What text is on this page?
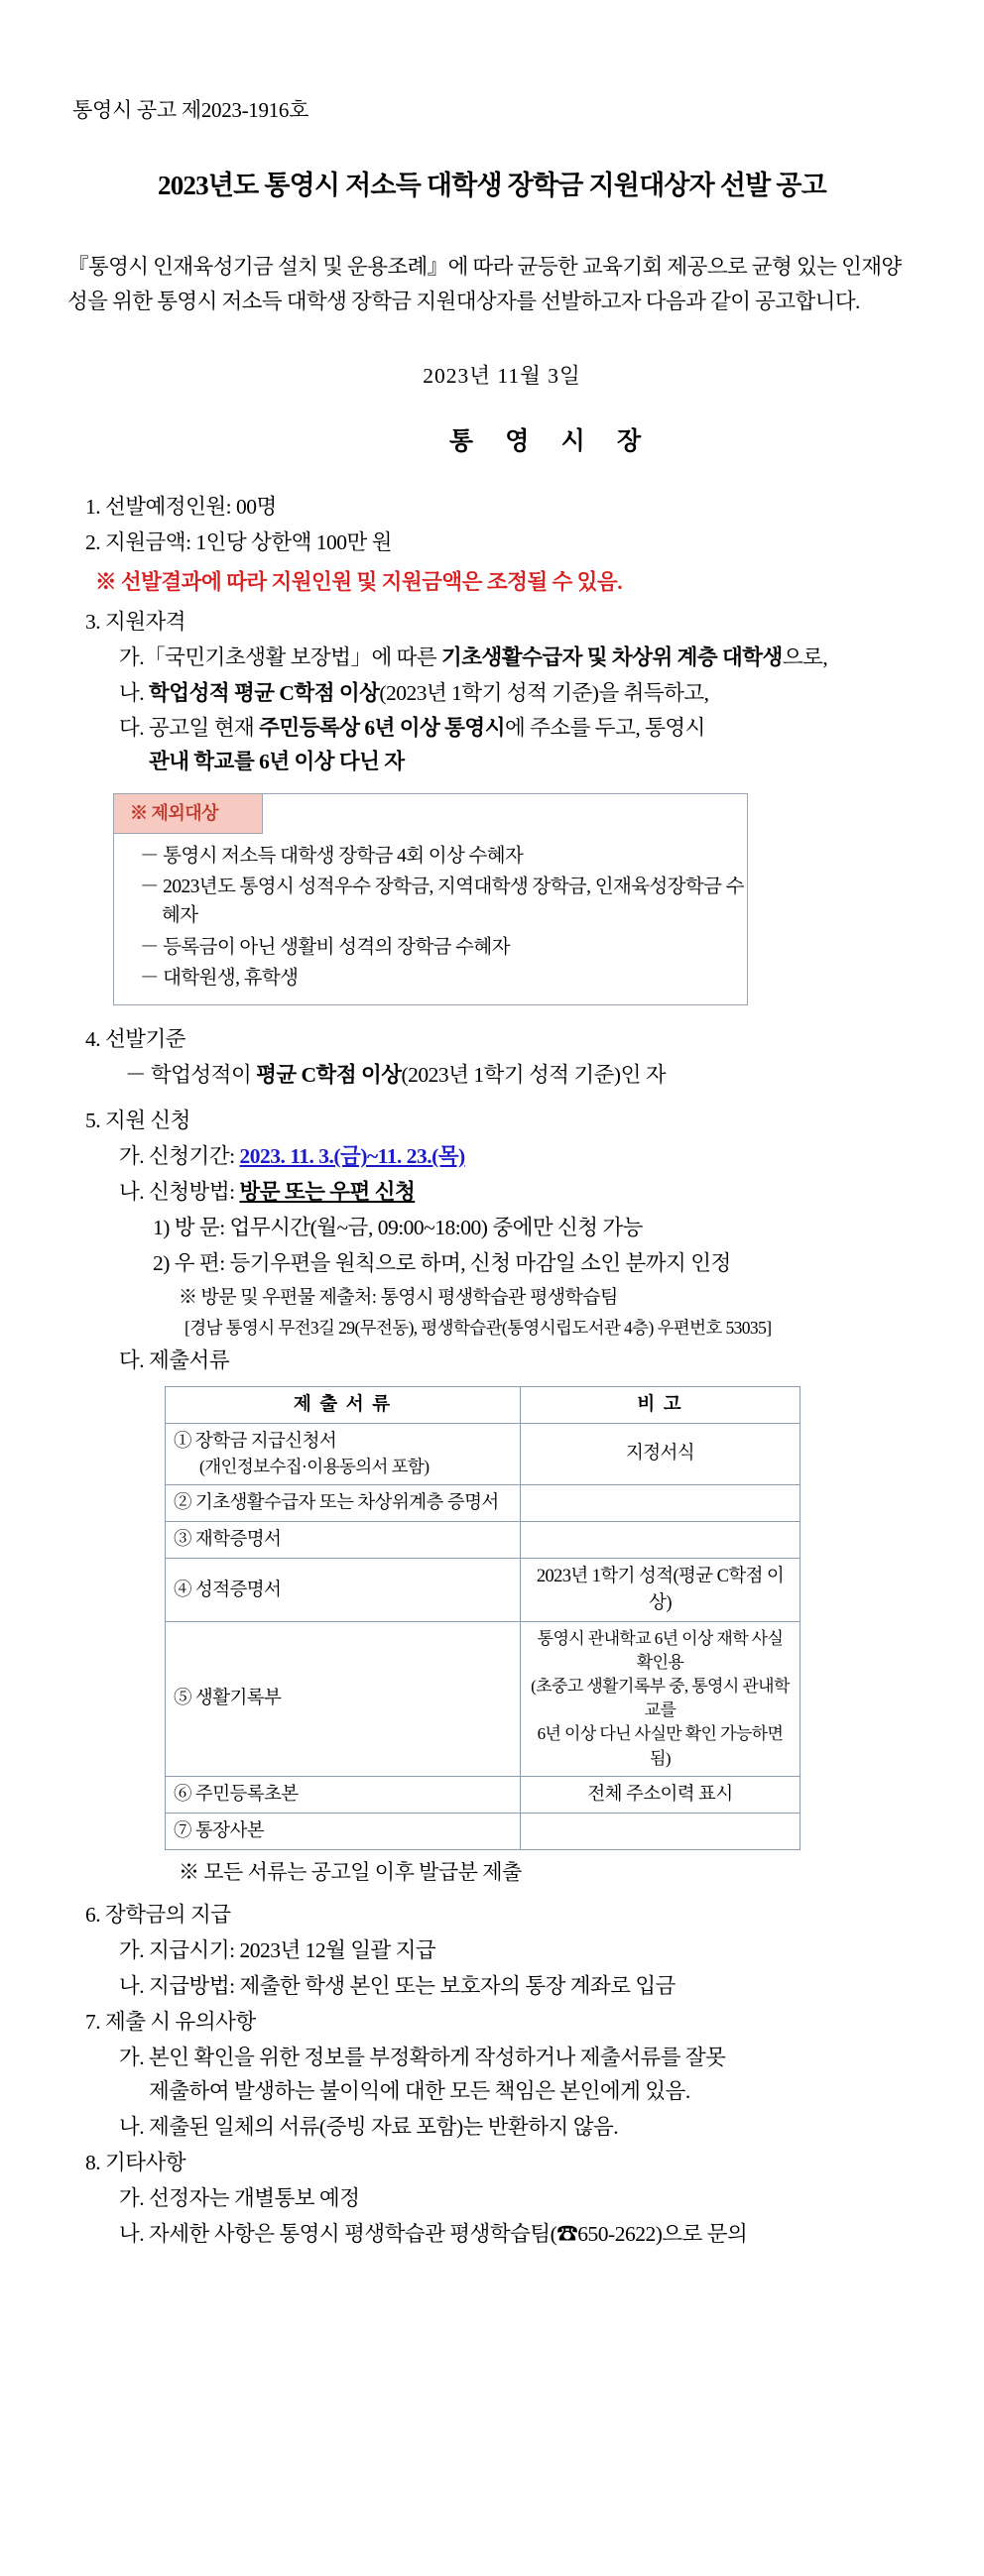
통영시 공고 제2023-1916호
2023년도 통영시 저소득 대학생 장학금 지원대상자 선발 공고

『통영시 인재육성기금 설치 및 운용조례』에 따라 균등한 교육기회 제공으로 균형 있는 인재양성을 위한 통영시 저소득 대학생 장학금 지원대상자를 선발하고자 다음과 같이 공고합니다.

2023년 11월 3일
통 영 시 장

1. 선발예정인원: 00명

2. 지원금액: 1인당 상한액 100만 원

※ 선발결과에 따라 지원인원 및 지원금액은 조정될 수 있음.

3. 지원자격

가.「국민기초생활 보장법」에 따른 기초생활수급자 및 차상위 계층 대학생으로,

나. 학업성적 평균 C학점 이상(2023년 1학기 성적 기준)을 취득하고,

다. 공고일 현재 주민등록상 6년 이상 통영시에 주소를 두고, 통영시
관내 학교를 6년 이상 다닌 자

※ 제외대상

－ 통영시 저소득 대학생 장학금 4회 이상 수혜자

－ 2023년도 통영시 성적우수 장학금, 지역대학생 장학금, 인재육성장학금 수혜자

－ 등록금이 아닌 생활비 성격의 장학금 수혜자

－ 대학원생, 휴학생

4. 선발기준

－ 학업성적이 평균 C학점 이상(2023년 1학기 성적 기준)인 자

5. 지원 신청

가. 신청기간: 2023. 11. 3.(금)~11. 23.(목)

나. 신청방법: 방문 또는 우편 신청

1) 방 문: 업무시간(월~금, 09:00~18:00) 중에만 신청 가능

2) 우 편: 등기우편을 원칙으로 하며, 신청 마감일 소인 분까지 인정

※ 방문 및 우편물 제출처: 통영시 평생학습관 평생학습팀

[경남 통영시 무전3길 29(무전동), 평생학습관(통영시립도서관 4층) 우편번호 53035]

다. 제출서류

제 출 서 류	비 고
① 장학금 지급신청서
(개인정보수집·이용동의서 포함)	지정서식
② 기초생활수급자 또는 차상위계층 증명서	
③ 재학증명서	
④ 성적증명서	2023년 1학기 성적(평균 C학점 이상)
⑤ 생활기록부	통영시 관내학교 6년 이상 재학 사실 확인용
(초중고 생활기록부 중, 통영시 관내학교를
6년 이상 다닌 사실만 확인 가능하면 됨)
⑥ 주민등록초본	전체 주소이력 표시
⑦ 통장사본	

※ 모든 서류는 공고일 이후 발급분 제출

6. 장학금의 지급

가. 지급시기: 2023년 12월 일괄 지급

나. 지급방법: 제출한 학생 본인 또는 보호자의 통장 계좌로 입금

7. 제출 시 유의사항

가. 본인 확인을 위한 정보를 부정확하게 작성하거나 제출서류를 잘못
제출하여 발생하는 불이익에 대한 모든 책임은 본인에게 있음.

나. 제출된 일체의 서류(증빙 자료 포함)는 반환하지 않음.

8. 기타사항

가. 선정자는 개별통보 예정

나. 자세한 사항은 통영시 평생학습관 평생학습팀(☎650-2622)으로 문의
